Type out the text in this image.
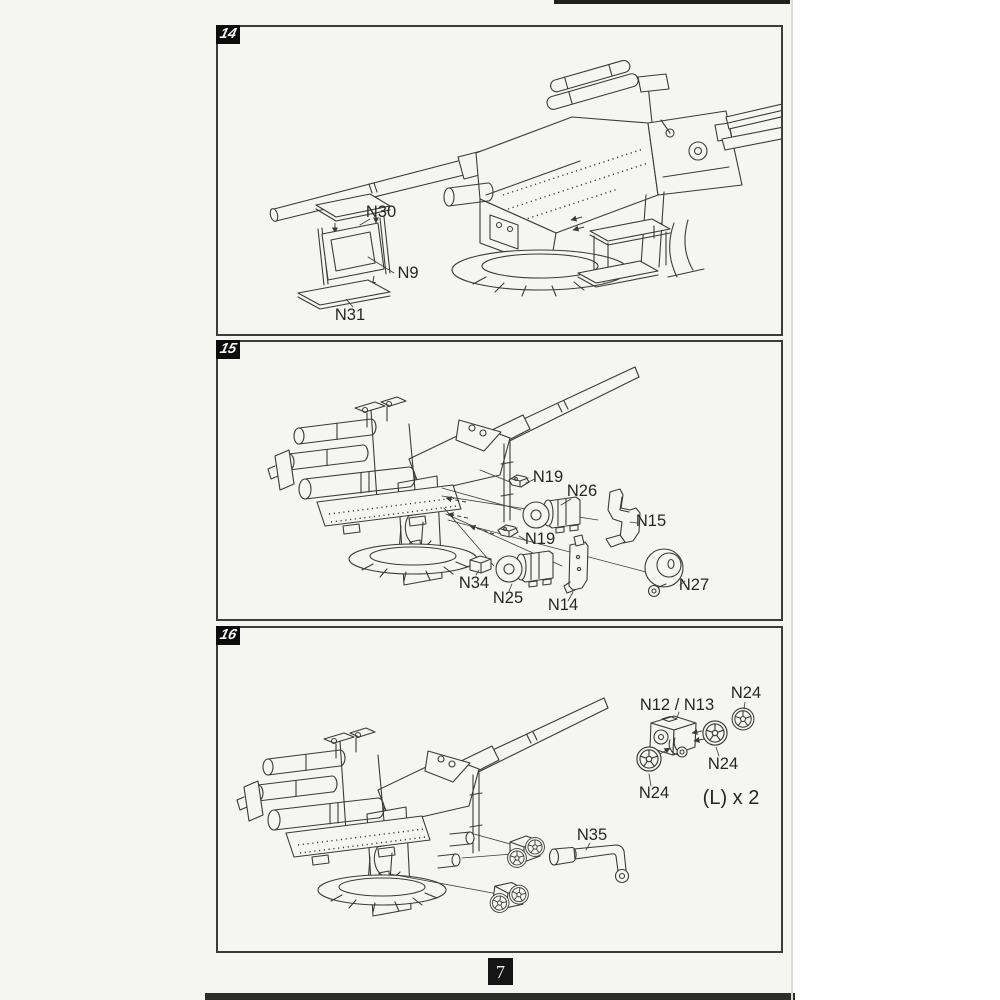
14
N30
N9
N31
15
N19
N26
N15
N19
N34
N25 N14
N27
16
N35
N24
N12 / N13
N24
N24 (L) x 2
7
